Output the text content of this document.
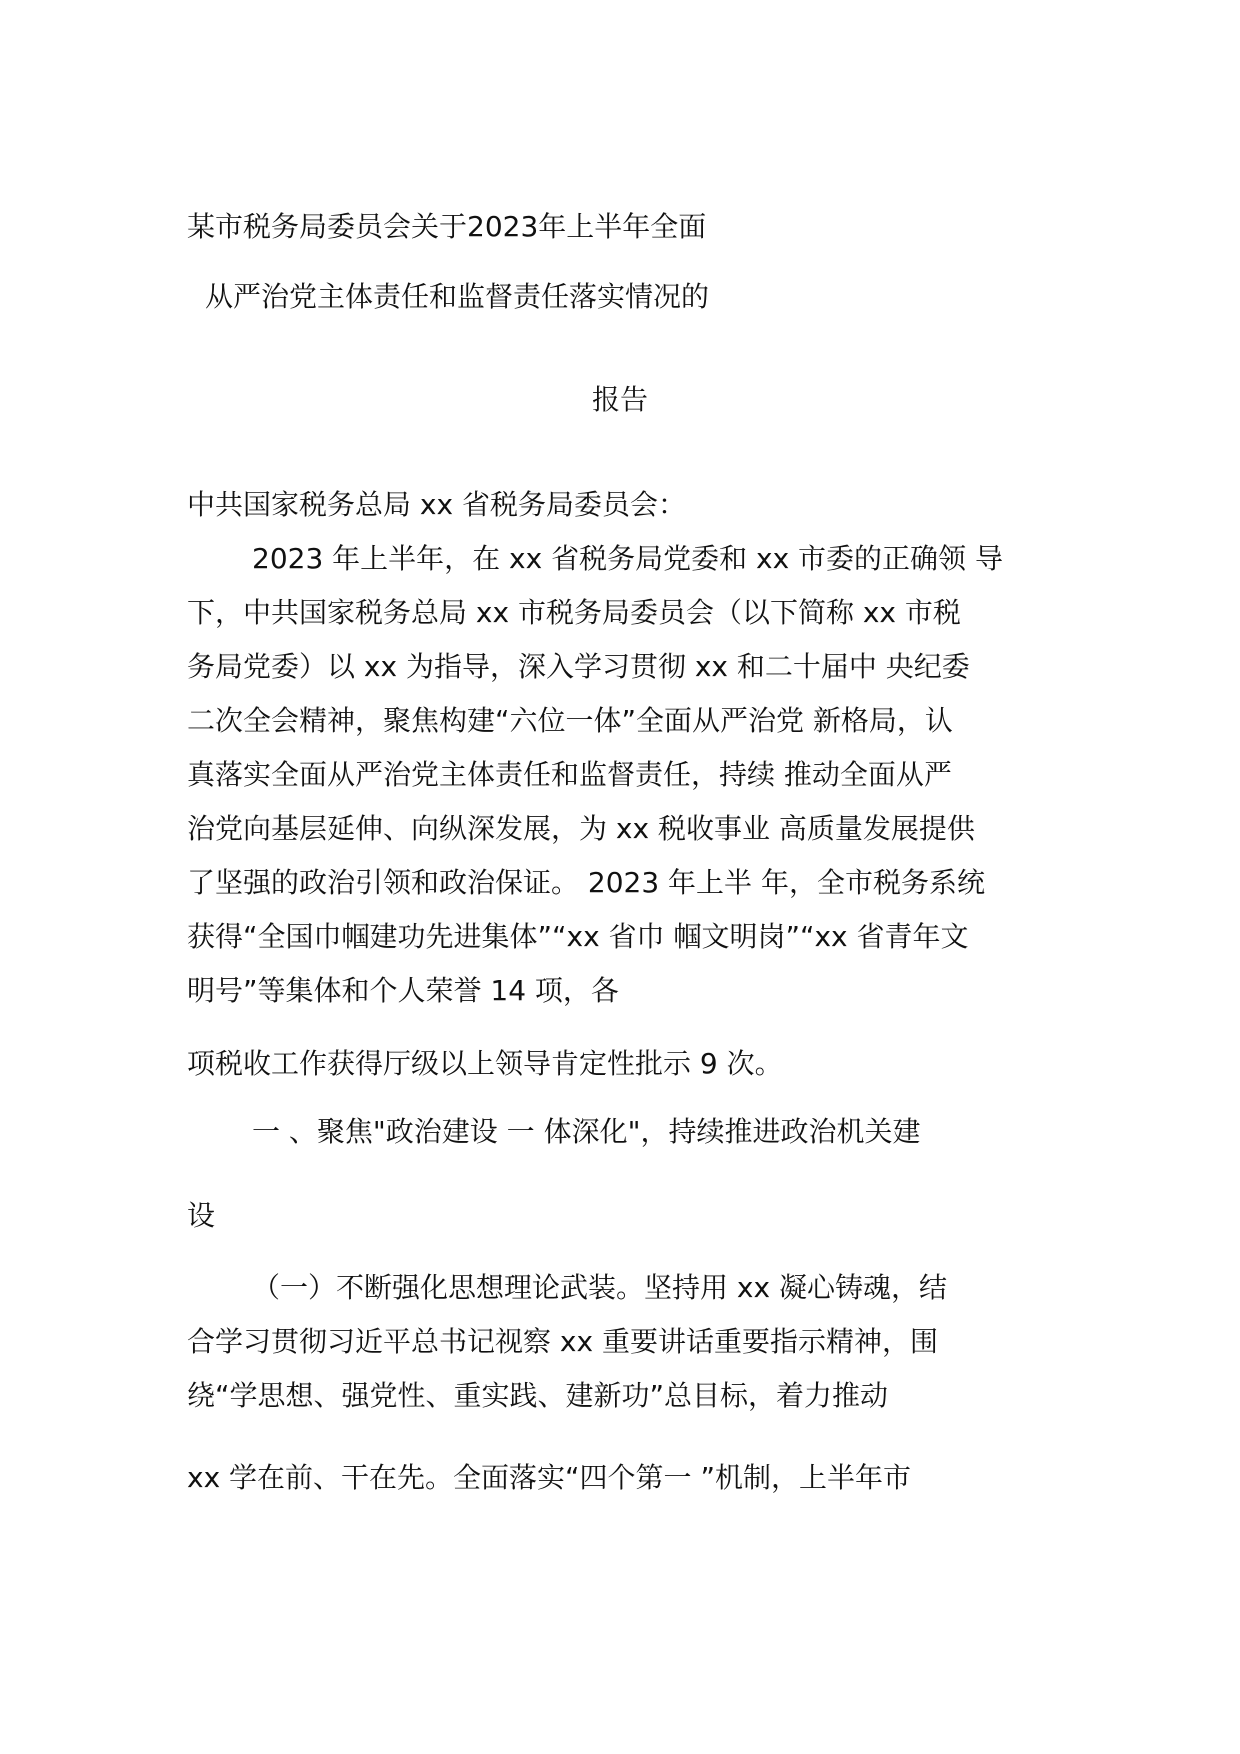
某市税务局委员会关于2023年上半年全面

从严治党主体责任和监督责任落实情况的

报告

中共国家税务总局 xx 省税务局委员会：

2023 年上半年，在 xx 省税务局党委和 xx 市委的正确领 导

下，中共国家税务总局 xx 市税务局委员会（以下简称 xx 市税

务局党委）以 xx 为指导，深入学习贯彻 xx 和二十届中 央纪委

二次全会精神，聚焦构建“六位一体”全面从严治党 新格局，认

真落实全面从严治党主体责任和监督责任，持续 推动全面从严

治党向基层延伸、向纵深发展，为 xx 税收事业 高质量发展提供

了坚强的政治引领和政治保证。 2023 年上半 年，全市税务系统

获得“全国巾帼建功先进集体”“xx 省巾 帼文明岗”“xx 省青年文

明号”等集体和个人荣誉 14 项，各

项税收工作获得厅级以上领导肯定性批示 9 次。

一 、聚焦"政治建设 一 体深化"，持续推进政治机关建

设

（一）不断强化思想理论武装。坚持用 xx 凝心铸魂，结

合学习贯彻习近平总书记视察 xx 重要讲话重要指示精神，围

绕“学思想、强党性、重实践、建新功”总目标，着力推动

xx 学在前、干在先。全面落实“四个第一 ”机制，上半年市
